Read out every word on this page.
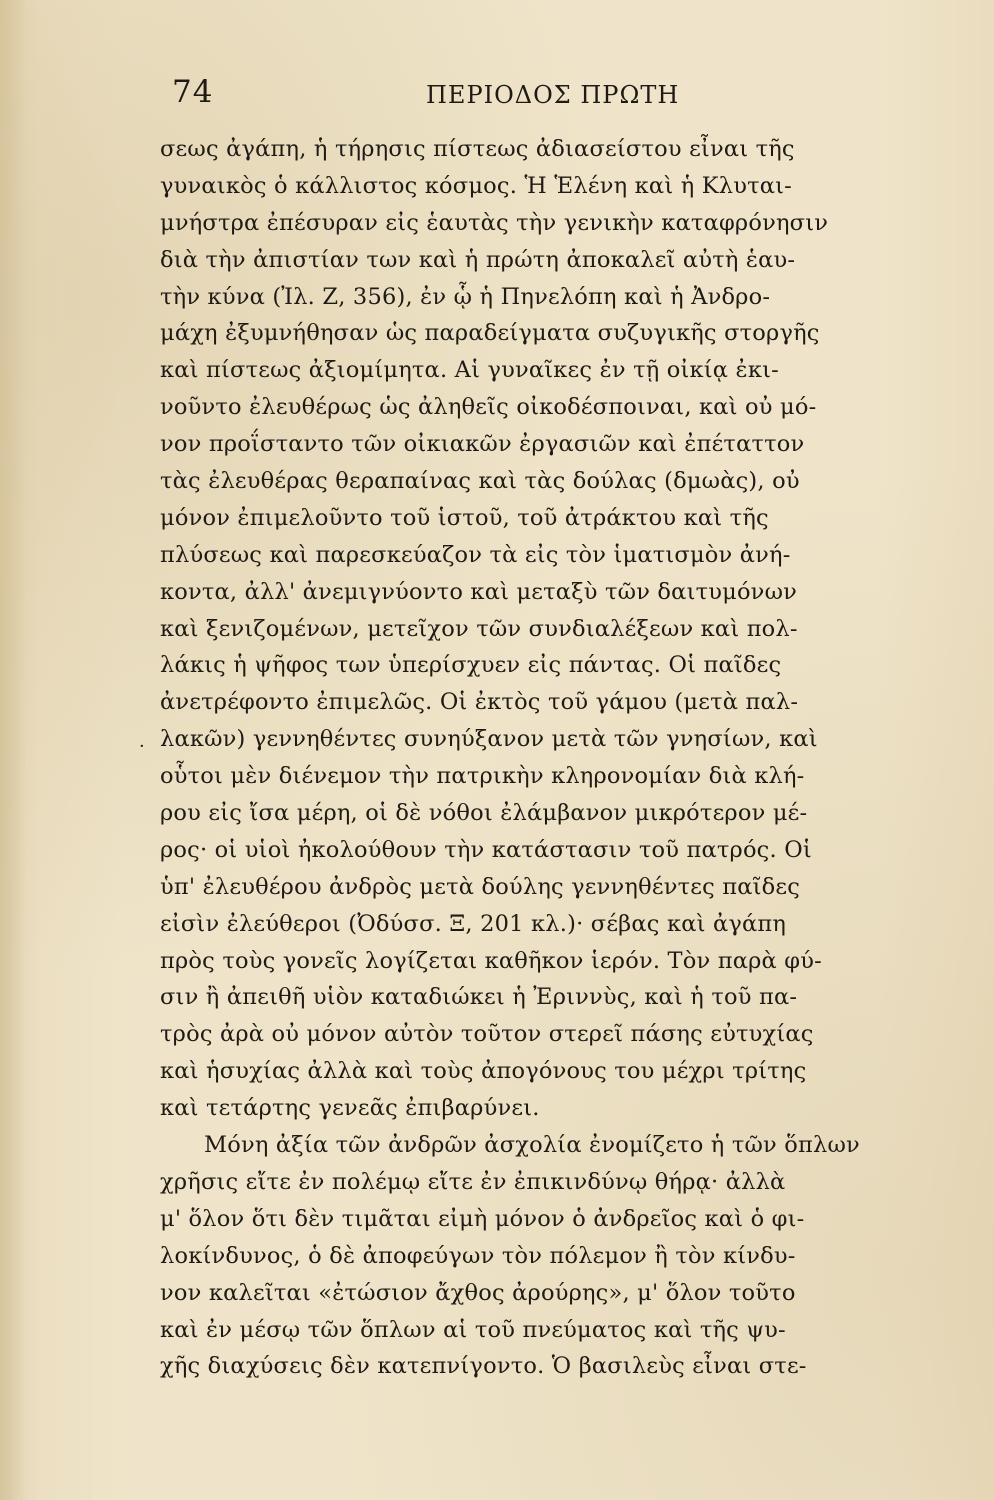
74	ΠΕΡΙΟΔΟΣ ΠΡΩΤΗ
·
σεως ἀγάπη, ἡ τήρησις πίστεως ἀδιασείστου εἶναι τῆς
γυναικὸς ὁ κάλλιστος κόσμος. Ἡ Ἑλένη καὶ ἡ Κλυται-
μνήστρα ἐπέσυραν εἰς ἑαυτὰς τὴν γενικὴν καταφρόνησιν
διὰ τὴν ἀπιστίαν των καὶ ἡ πρώτη ἀποκαλεῖ αὐτὴ ἑαυ-
τὴν κύνα (Ἰλ. Ζ, 356), ἐν ᾧ ἡ Πηνελόπη καὶ ἡ Ἀνδρο-
μάχη ἐξυμνήθησαν ὡς παραδείγματα συζυγικῆς στοργῆς
καὶ πίστεως ἀξιομίμητα. Αἱ γυναῖκες ἐν τῇ οἰκίᾳ ἐκι-
νοῦντο ἐλευθέρως ὡς ἀληθεῖς οἰκοδέσποιναι, καὶ οὐ μό-
νον προΐσταντο τῶν οἰκιακῶν ἐργασιῶν καὶ ἐπέταττον
τὰς ἐλευθέρας θεραπαίνας καὶ τὰς δούλας (δμωὰς), οὐ
μόνον ἐπιμελοῦντο τοῦ ἱστοῦ, τοῦ ἀτράκτου καὶ τῆς
πλύσεως καὶ παρεσκεύαζον τὰ εἰς τὸν ἱματισμὸν ἀνή-
κοντα, ἀλλ' ἀνεμιγνύοντο καὶ μεταξὺ τῶν δαιτυμόνων
καὶ ξενιζομένων, μετεῖχον τῶν συνδιαλέξεων καὶ πολ-
λάκις ἡ ψῆφος των ὑπερίσχυεν εἰς πάντας. Οἱ παῖδες
ἀνετρέφοντο ἐπιμελῶς. Οἱ ἐκτὸς τοῦ γάμου (μετὰ παλ-
λακῶν) γεννηθέντες συνηύξανον μετὰ τῶν γνησίων, καὶ
οὗτοι μὲν διένεμον τὴν πατρικὴν κληρονομίαν διὰ κλή-
ρου εἰς ἴσα μέρη, οἱ δὲ νόθοι ἐλάμβανον μικρότερον μέ-
ρος· οἱ υἱοὶ ἠκολούθουν τὴν κατάστασιν τοῦ πατρός. Οἱ
ὑπ' ἐλευθέρου ἀνδρὸς μετὰ δούλης γεννηθέντες παῖδες
εἰσὶν ἐλεύθεροι (Ὀδύσσ. Ξ, 201 κλ.)· σέβας καὶ ἀγάπη
πρὸς τοὺς γονεῖς λογίζεται καθῆκον ἱερόν. Τὸν παρὰ φύ-
σιν ἢ ἀπειθῆ υἱὸν καταδιώκει ἡ Ἐριννὺς, καὶ ἡ τοῦ πα-
τρὸς ἀρὰ οὐ μόνον αὐτὸν τοῦτον στερεῖ πάσης εὐτυχίας
καὶ ἡσυχίας ἀλλὰ καὶ τοὺς ἀπογόνους του μέχρι τρίτης
καὶ τετάρτης γενεᾶς ἐπιβαρύνει.
Μόνη ἀξία τῶν ἀνδρῶν ἀσχολία ἐνομίζετο ἡ τῶν ὅπλων
χρῆσις εἴτε ἐν πολέμῳ εἴτε ἐν ἐπικινδύνῳ θήρᾳ· ἀλλὰ
μ' ὅλον ὅτι δὲν τιμᾶται εἰμὴ μόνον ὁ ἀνδρεῖος καὶ ὁ φι-
λοκίνδυνος, ὁ δὲ ἀποφεύγων τὸν πόλεμον ἢ τὸν κίνδυ-
νον καλεῖται «ἐτώσιον ἄχθος ἀρούρης», μ' ὅλον τοῦτο
καὶ ἐν μέσῳ τῶν ὅπλων αἱ τοῦ πνεύματος καὶ τῆς ψυ-
χῆς διαχύσεις δὲν κατεπνίγοντο. Ὁ βασιλεὺς εἶναι στε-
